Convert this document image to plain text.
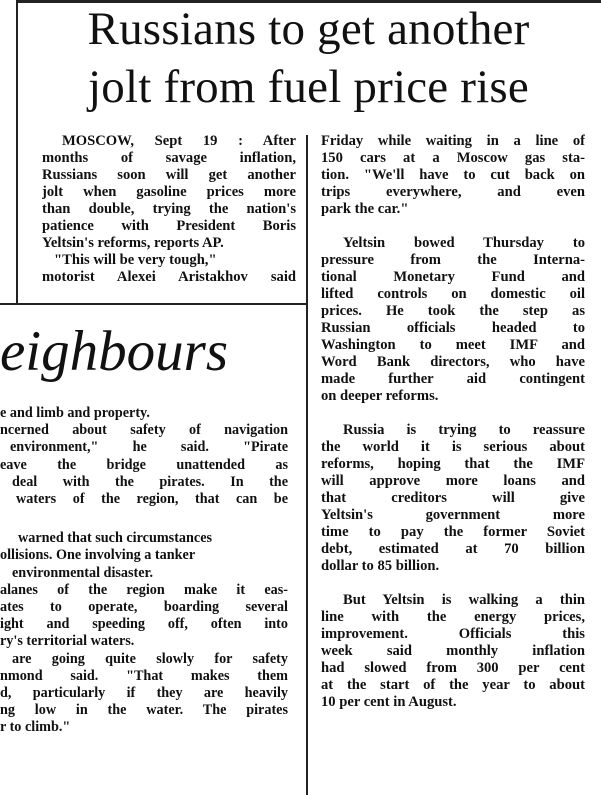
Russians to get another
jolt from fuel price rise
MOSCOW, Sept 19 : After
months of savage inflation,
Russians soon will get another
jolt when gasoline prices more
than double, trying the nation's
patience with President Boris
Yeltsin's reforms, reports AP.
"This will be very tough,"
motorist Alexei Aristakhov said
Friday while waiting in a line of
150 cars at a Moscow gas sta-
tion. "We'll have to cut back on
trips everywhere, and even
park the car."
Yeltsin bowed Thursday to
pressure from the Interna-
tional Monetary Fund and
lifted controls on domestic oil
prices. He took the step as
Russian officials headed to
Washington to meet IMF and
Word Bank directors, who have
made further aid contingent
on deeper reforms.
Russia is trying to reassure
the world it is serious about
reforms, hoping that the IMF
will approve more loans and
that creditors will give
Yeltsin's government more
time to pay the former Soviet
debt, estimated at 70 billion
dollar to 85 billion.
But Yeltsin is walking a thin
line with the energy prices,
improvement. Officials this
week said monthly inflation
had slowed from 300 per cent
at the start of the year to about
10 per cent in August.
eighbours
e and limb and property.
ncerned about safety of navigation
environment," he said. "Pirate
eave the bridge unattended as
deal with the pirates. In the
waters of the region, that can be
warned that such circumstances
ollisions. One involving a tanker
environmental disaster.
alanes of the region make it eas-
ates to operate, boarding several
ight and speeding off, often into
ry's territorial waters.
are going quite slowly for safety
nmond said. "That makes them
d, particularly if they are heavily
ng low in the water. The pirates
r to climb."
